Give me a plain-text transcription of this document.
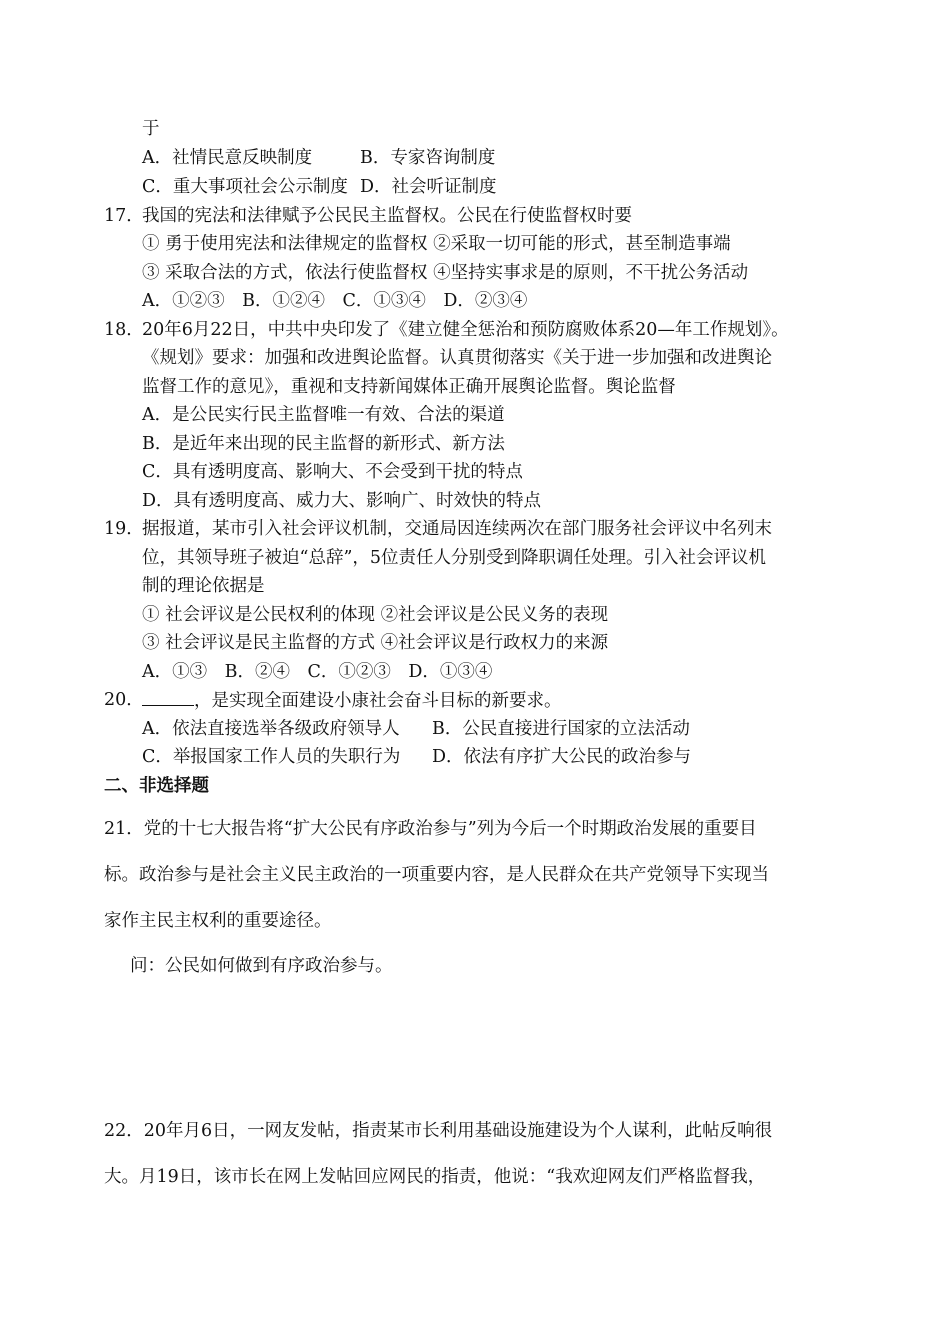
于
A．社情民意反映制度	B．专家咨询制度
C．重大事项社会公示制度 D．社会听证制度
17．
我国的宪法和法律赋予公民民主监督权。公民在行使监督权时要
① 勇于使用宪法和法律规定的监督权 ②采取一切可能的形式，甚至制造事端
③ 采取合法的方式，依法行使监督权 ④坚持实事求是的原则，不干扰公务活动
A．①②③　B．①②④　C．①③④　D．②③④
18．
20年6月22日，中共中央印发了《建立健全惩治和预防腐败体系20—年工作规划》。
《规划》要求：加强和改进舆论监督。认真贯彻落实《关于进一步加强和改进舆论
监督工作的意见》，重视和支持新闻媒体正确开展舆论监督。舆论监督
A．是公民实行民主监督唯一有效、合法的渠道
B．是近年来出现的民主监督的新形式、新方法
C．具有透明度高、影响大、不会受到干扰的特点
D．具有透明度高、威力大、影响广、时效快的特点
19．
据报道，某市引入社会评议机制，交通局因连续两次在部门服务社会评议中名列末
位，其领导班子被迫“总辞”，5位责任人分别受到降职调任处理。引入社会评议机
制的理论依据是
① 社会评议是公民权利的体现 ②社会评议是公民义务的表现
③ 社会评议是民主监督的方式 ④社会评议是行政权力的来源
A．①③　B．②④　C．①②③　D．①③④
20．	，是实现全面建设小康社会奋斗目标的新要求。
A．依法直接选举各级政府领导人 B．公民直接进行国家的立法活动
C．举报国家工作人员的失职行为 D．依法有序扩大公民的政治参与
二、非选择题
21．党的十七大报告将“扩大公民有序政治参与”列为今后一个时期政治发展的重要目
标。政治参与是社会主义民主政治的一项重要内容，是人民群众在共产党领导下实现当
家作主民主权利的重要途径。
问：公民如何做到有序政治参与。
22．20年月6日，一网友发帖，指责某市长利用基础设施建设为个人谋利，此帖反响很
大。月19日，该市长在网上发帖回应网民的指责，他说：“我欢迎网友们严格监督我，
